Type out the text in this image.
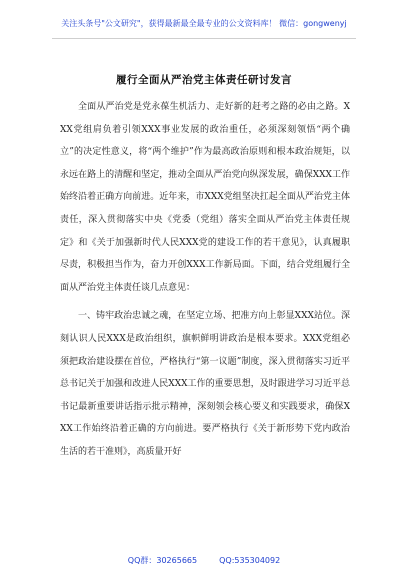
关注头条号"公文研究"，获得最新最全最专业的公文资料库！ 微信：gongwenyj
履行全面从严治党主体责任研讨发言

全面从严治党是党永葆生机活力、走好新的赶考之路的必由之路。XXX党组肩负着引领XXX事业发展的政治重任，必须深刻领悟“两个确立”的决定性意义，将“两个维护”作为最高政治原则和根本政治规矩，以永远在路上的清醒和坚定，推动全面从严治党向纵深发展，确保XXX工作始终沿着正确方向前进。近年来，市XXX党组坚决扛起全面从严治党主体责任，深入贯彻落实中央《党委（党组）落实全面从严治党主体责任规定》和《关于加强新时代人民XXX党的建设工作的若干意见》，认真履职尽责，积极担当作为，奋力开创XXX工作新局面。下面，结合党组履行全面从严治党主体责任谈几点意见：

一、铸牢政治忠诚之魂，在坚定立场、把准方向上彰显XXX站位。深刻认识人民XXX是政治组织，旗帜鲜明讲政治是根本要求。XXX党组必须把政治建设摆在首位，严格执行“第一议题”制度，深入贯彻落实习近平总书记关于加强和改进人民XXX工作的重要思想，及时跟进学习习近平总书记最新重要讲话指示批示精神，深刻领会核心要义和实践要求，确保XXX工作始终沿着正确的方向前进。要严格执行《关于新形势下党内政治生活的若干准则》，高质量开好

QQ群：30265665	QQ:535304092
